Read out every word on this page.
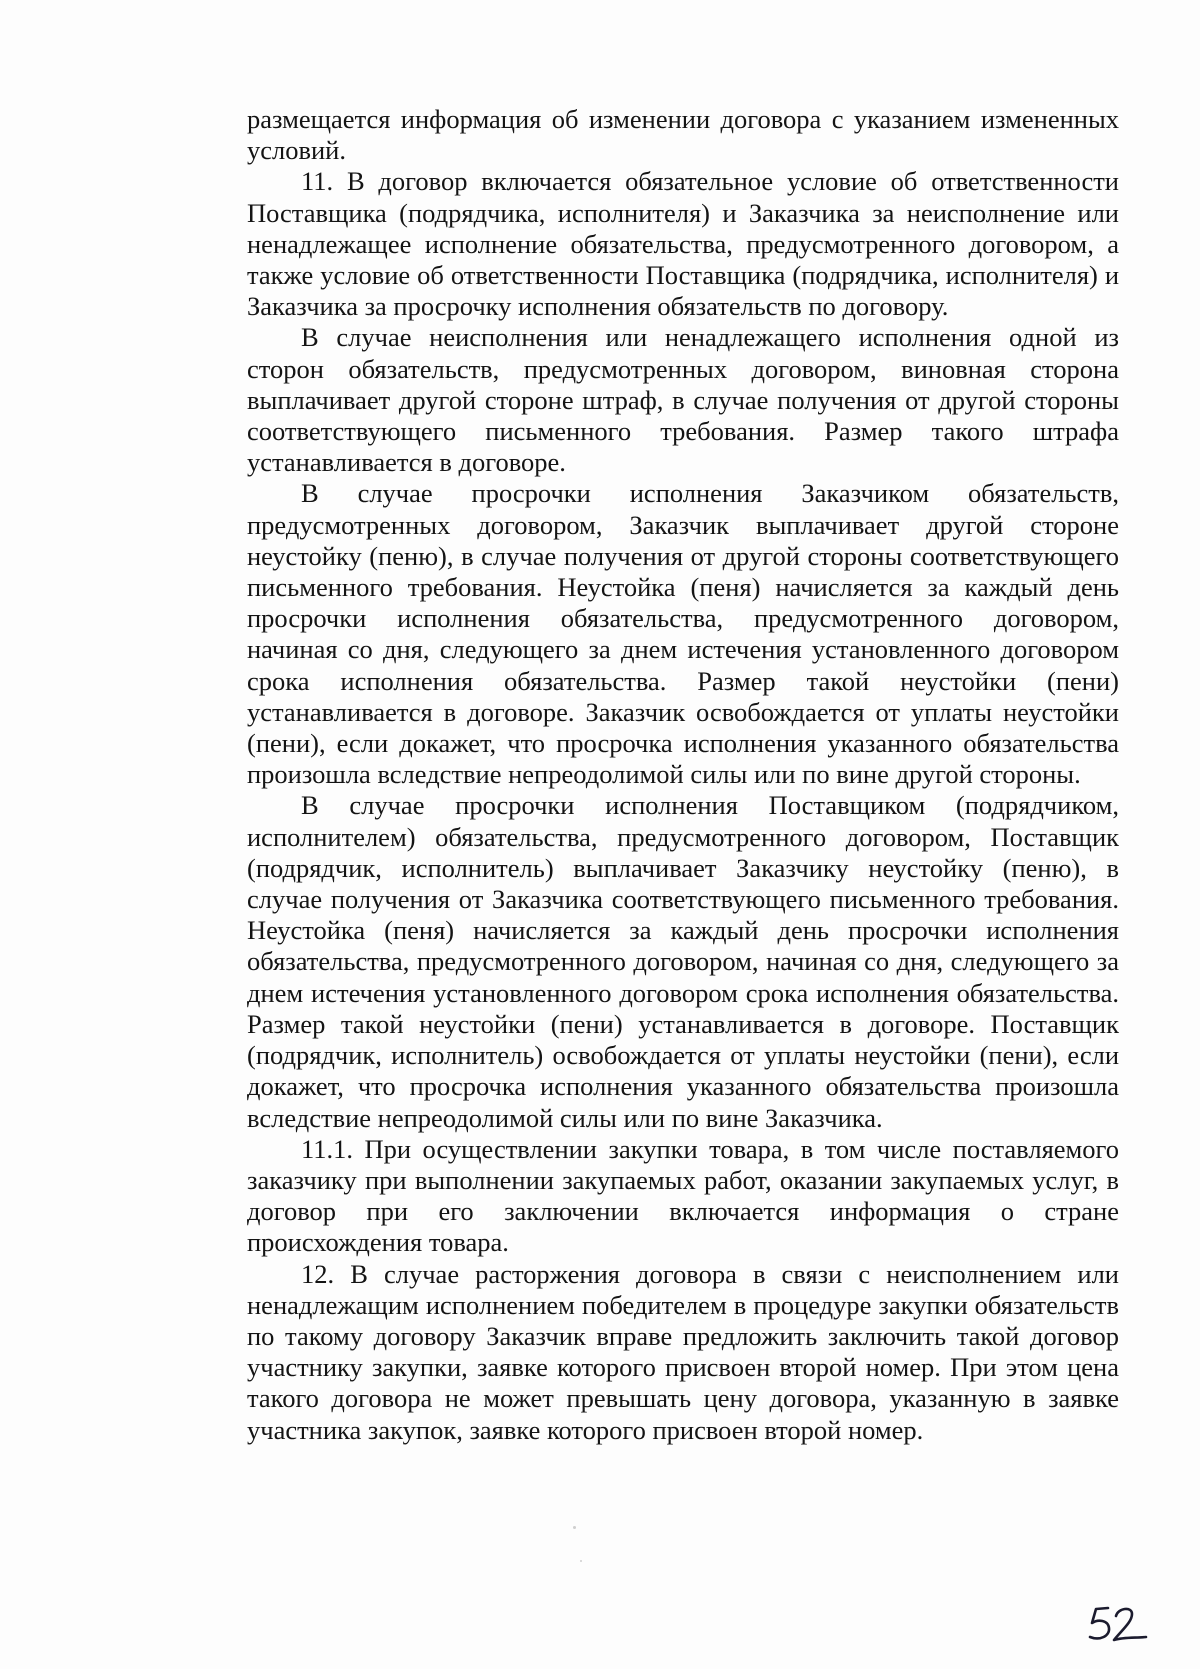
размещается информация об изменении договора с указанием измененных условий.

11. В договор включается обязательное условие об ответственности Поставщика (подрядчика, исполнителя) и Заказчика за неисполнение или ненадлежащее исполнение обязательства, предусмотренного договором, а также условие об ответственности Поставщика (подрядчика, исполнителя) и Заказчика за просрочку исполнения обязательств по договору.

В случае неисполнения или ненадлежащего исполнения одной из сторон обязательств, предусмотренных договором, виновная сторона выплачивает другой стороне штраф, в случае получения от другой стороны соответствующего письменного требования. Размер такого штрафа устанавливается в договоре.

В случае просрочки исполнения Заказчиком обязательств, предусмотренных договором, Заказчик выплачивает другой стороне неустойку (пеню), в случае получения от другой стороны соответствующего письменного требования. Неустойка (пеня) начисляется за каждый день просрочки исполнения обязательства, предусмотренного договором, начиная со дня, следующего за днем истечения установленного договором срока исполнения обязательства. Размер такой неустойки (пени) устанавливается в договоре. Заказчик освобождается от уплаты неустойки (пени), если докажет, что просрочка исполнения указанного обязательства произошла вследствие непреодолимой силы или по вине другой стороны.

В случае просрочки исполнения Поставщиком (подрядчиком, исполнителем) обязательства, предусмотренного договором, Поставщик (подрядчик, исполнитель) выплачивает Заказчику неустойку (пеню), в случае получения от Заказчика соответствующего письменного требования. Неустойка (пеня) начисляется за каждый день просрочки исполнения обязательства, предусмотренного договором, начиная со дня, следующего за днем истечения установленного договором срока исполнения обязательства. Размер такой неустойки (пени) устанавливается в договоре. Поставщик (подрядчик, исполнитель) освобождается от уплаты неустойки (пени), если докажет, что просрочка исполнения указанного обязательства произошла вследствие непреодолимой силы или по вине Заказчика.

11.1. При осуществлении закупки товара, в том числе поставляемого заказчику при выполнении закупаемых работ, оказании закупаемых услуг, в договор при его заключении включается информация о стране происхождения товара.

12. В случае расторжения договора в связи с неисполнением или ненадлежащим исполнением победителем в процедуре закупки обязательств по такому договору Заказчик вправе предложить заключить такой договор участнику закупки, заявке которого присвоен второй номер. При этом цена такого договора не может превышать цену договора, указанную в заявке участника закупок, заявке которого присвоен второй номер.
